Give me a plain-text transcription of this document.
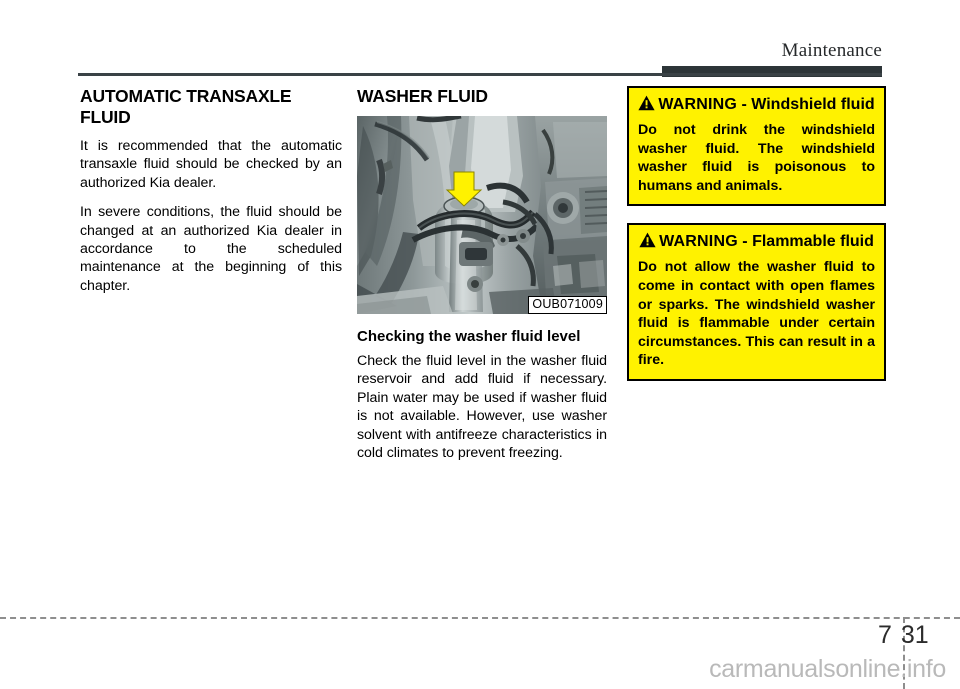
Maintenance
AUTOMATIC TRANSAXLE FLUID

It is recommended that the automatic transaxle fluid should be checked by an authorized Kia dealer.

In severe conditions, the fluid should be changed at an authorized Kia dealer in accordance to the scheduled maintenance at the beginning of this chapter.

WASHER FLUID
OUB071009
Checking the washer fluid level

Check the fluid level in the washer fluid reservoir and add fluid if necessary. Plain water may be used if washer fluid is not available. However, use washer solvent with antifreeze characteristics in cold climates to prevent freezing.

WARNING - Windshield fluid

Do not drink the windshield washer fluid. The windshield washer fluid is poisonous to humans and animals.

WARNING - Flammable fluid

Do not allow the washer fluid to come in contact with open flames or sparks. The windshield washer fluid is flammable under certain circumstances. This can result in a fire.

7 31
carmanualsonline.info
